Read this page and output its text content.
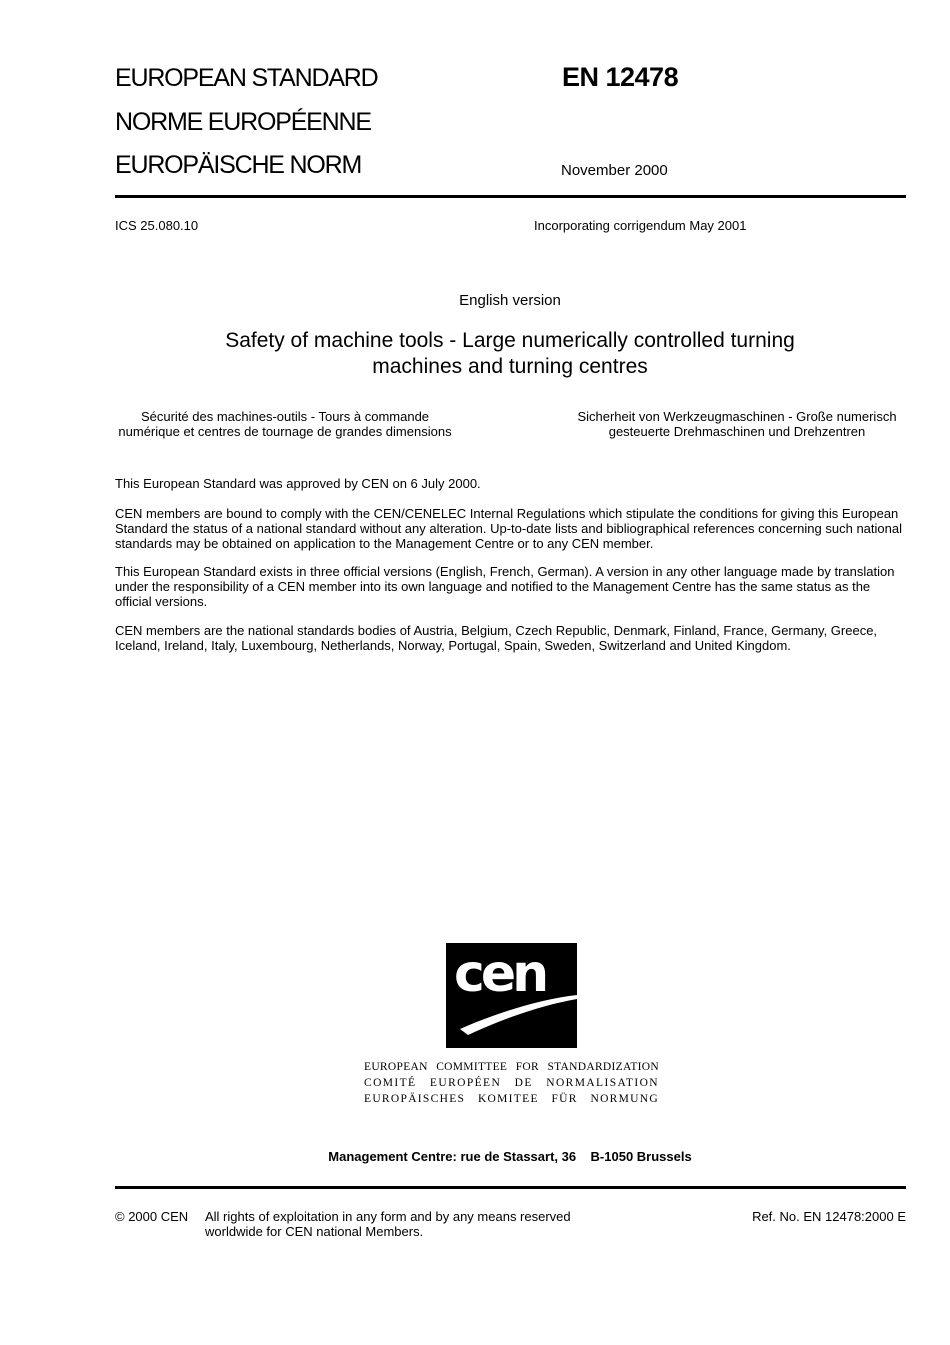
EUROPEAN STANDARD
NORME EUROPÉENNE
EUROPÄISCHE NORM
EN 12478
November 2000
ICS 25.080.10	Incorporating corrigendum May 2001
English version
Safety of machine tools - Large numerically controlled turning
machines and turning centres
Sécurité des machines-outils - Tours à commande
numérique et centres de tournage de grandes dimensions
Sicherheit von Werkzeugmaschinen - Große numerisch
gesteuerte Drehmaschinen und Drehzentren
This European Standard was approved by CEN on 6 July 2000.
CEN members are bound to comply with the CEN/CENELEC Internal Regulations which stipulate the conditions for giving this European Standard the status of a national standard without any alteration. Up-to-date lists and bibliographical references concerning such national standards may be obtained on application to the Management Centre or to any CEN member.
This European Standard exists in three official versions (English, French, German). A version in any other language made by translation under the responsibility of a CEN member into its own language and notified to the Management Centre has the same status as the official versions.
CEN members are the national standards bodies of Austria, Belgium, Czech Republic, Denmark, Finland, France, Germany, Greece, Iceland, Ireland, Italy, Luxembourg, Netherlands, Norway, Portugal, Spain, Sweden, Switzerland and United Kingdom.
cen
EUROPEAN COMMITTEE FOR STANDARDIZATION
COMITÉ EUROPÉEN DE NORMALISATION
EUROPÄISCHES KOMITEE FÜR NORMUNG
Management Centre: rue de Stassart, 36    B-1050 Brussels
© 2000 CEN All rights of exploitation in any form and by any means reserved
worldwide for CEN national Members.
Ref. No. EN 12478:2000 E
